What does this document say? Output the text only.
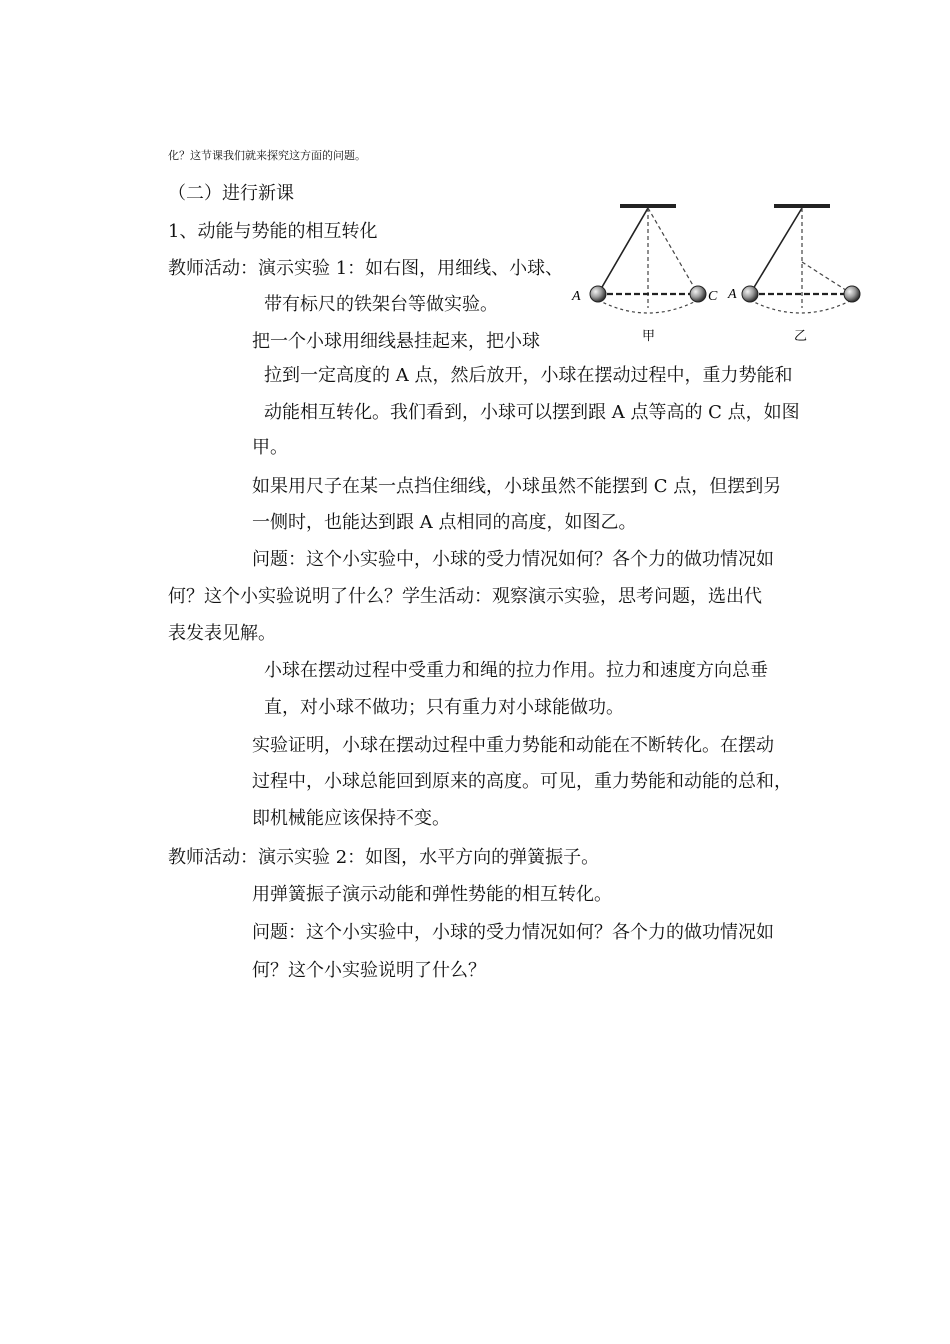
化？这节课我们就来探究这方面的问题。
（二）进行新课
1、动能与势能的相互转化
教师活动：演示实验 1：如右图，用细线、小球、
带有标尺的铁架台等做实验。
把一个小球用细线悬挂起来，把小球
拉到一定高度的 A 点，然后放开，小球在摆动过程中，重力势能和
动能相互转化。我们看到，小球可以摆到跟 A 点等高的 C 点，如图
甲。
如果用尺子在某一点挡住细线，小球虽然不能摆到 C 点，但摆到另
一侧时，也能达到跟 A 点相同的高度，如图乙。
问题：这个小实验中，小球的受力情况如何？各个力的做功情况如
何？这个小实验说明了什么？学生活动：观察演示实验，思考问题，选出代
表发表见解。
小球在摆动过程中受重力和绳的拉力作用。拉力和速度方向总垂
直，对小球不做功；只有重力对小球能做功。
实验证明，小球在摆动过程中重力势能和动能在不断转化。在摆动
过程中，小球总能回到原来的高度。可见，重力势能和动能的总和，
即机械能应该保持不变。
教师活动：演示实验 2：如图，水平方向的弹簧振子。
用弹簧振子演示动能和弹性势能的相互转化。
问题：这个小实验中，小球的受力情况如何？各个力的做功情况如
何？这个小实验说明了什么？
A	C
甲
A
乙
